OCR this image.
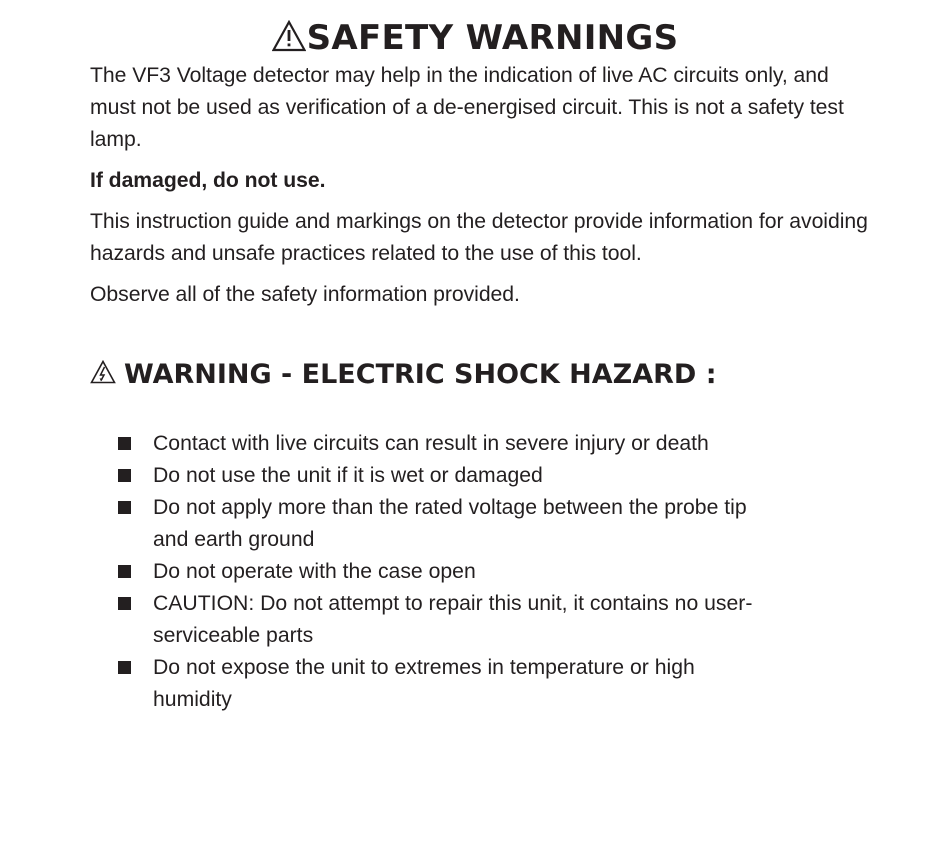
SAFETY WARNINGS

The VF3 Voltage detector may help in the indication of live AC circuits only, and must not be used as verification of a de-energised circuit. This is not a safety test lamp.

If damaged, do not use.

This instruction guide and markings on the detector provide information for avoiding hazards and unsafe practices related to the use of this tool.

Observe all of the safety information provided.

WARNING - ELECTRIC SHOCK HAZARD :
Contact with live circuits can result in severe injury or death
Do not use the unit if it is wet or damaged
Do not apply more than the rated voltage between the probe tip and earth ground
Do not operate with the case open
CAUTION: Do not attempt to repair this unit, it contains no user-serviceable parts
Do not expose the unit to extremes in temperature or high humidity
